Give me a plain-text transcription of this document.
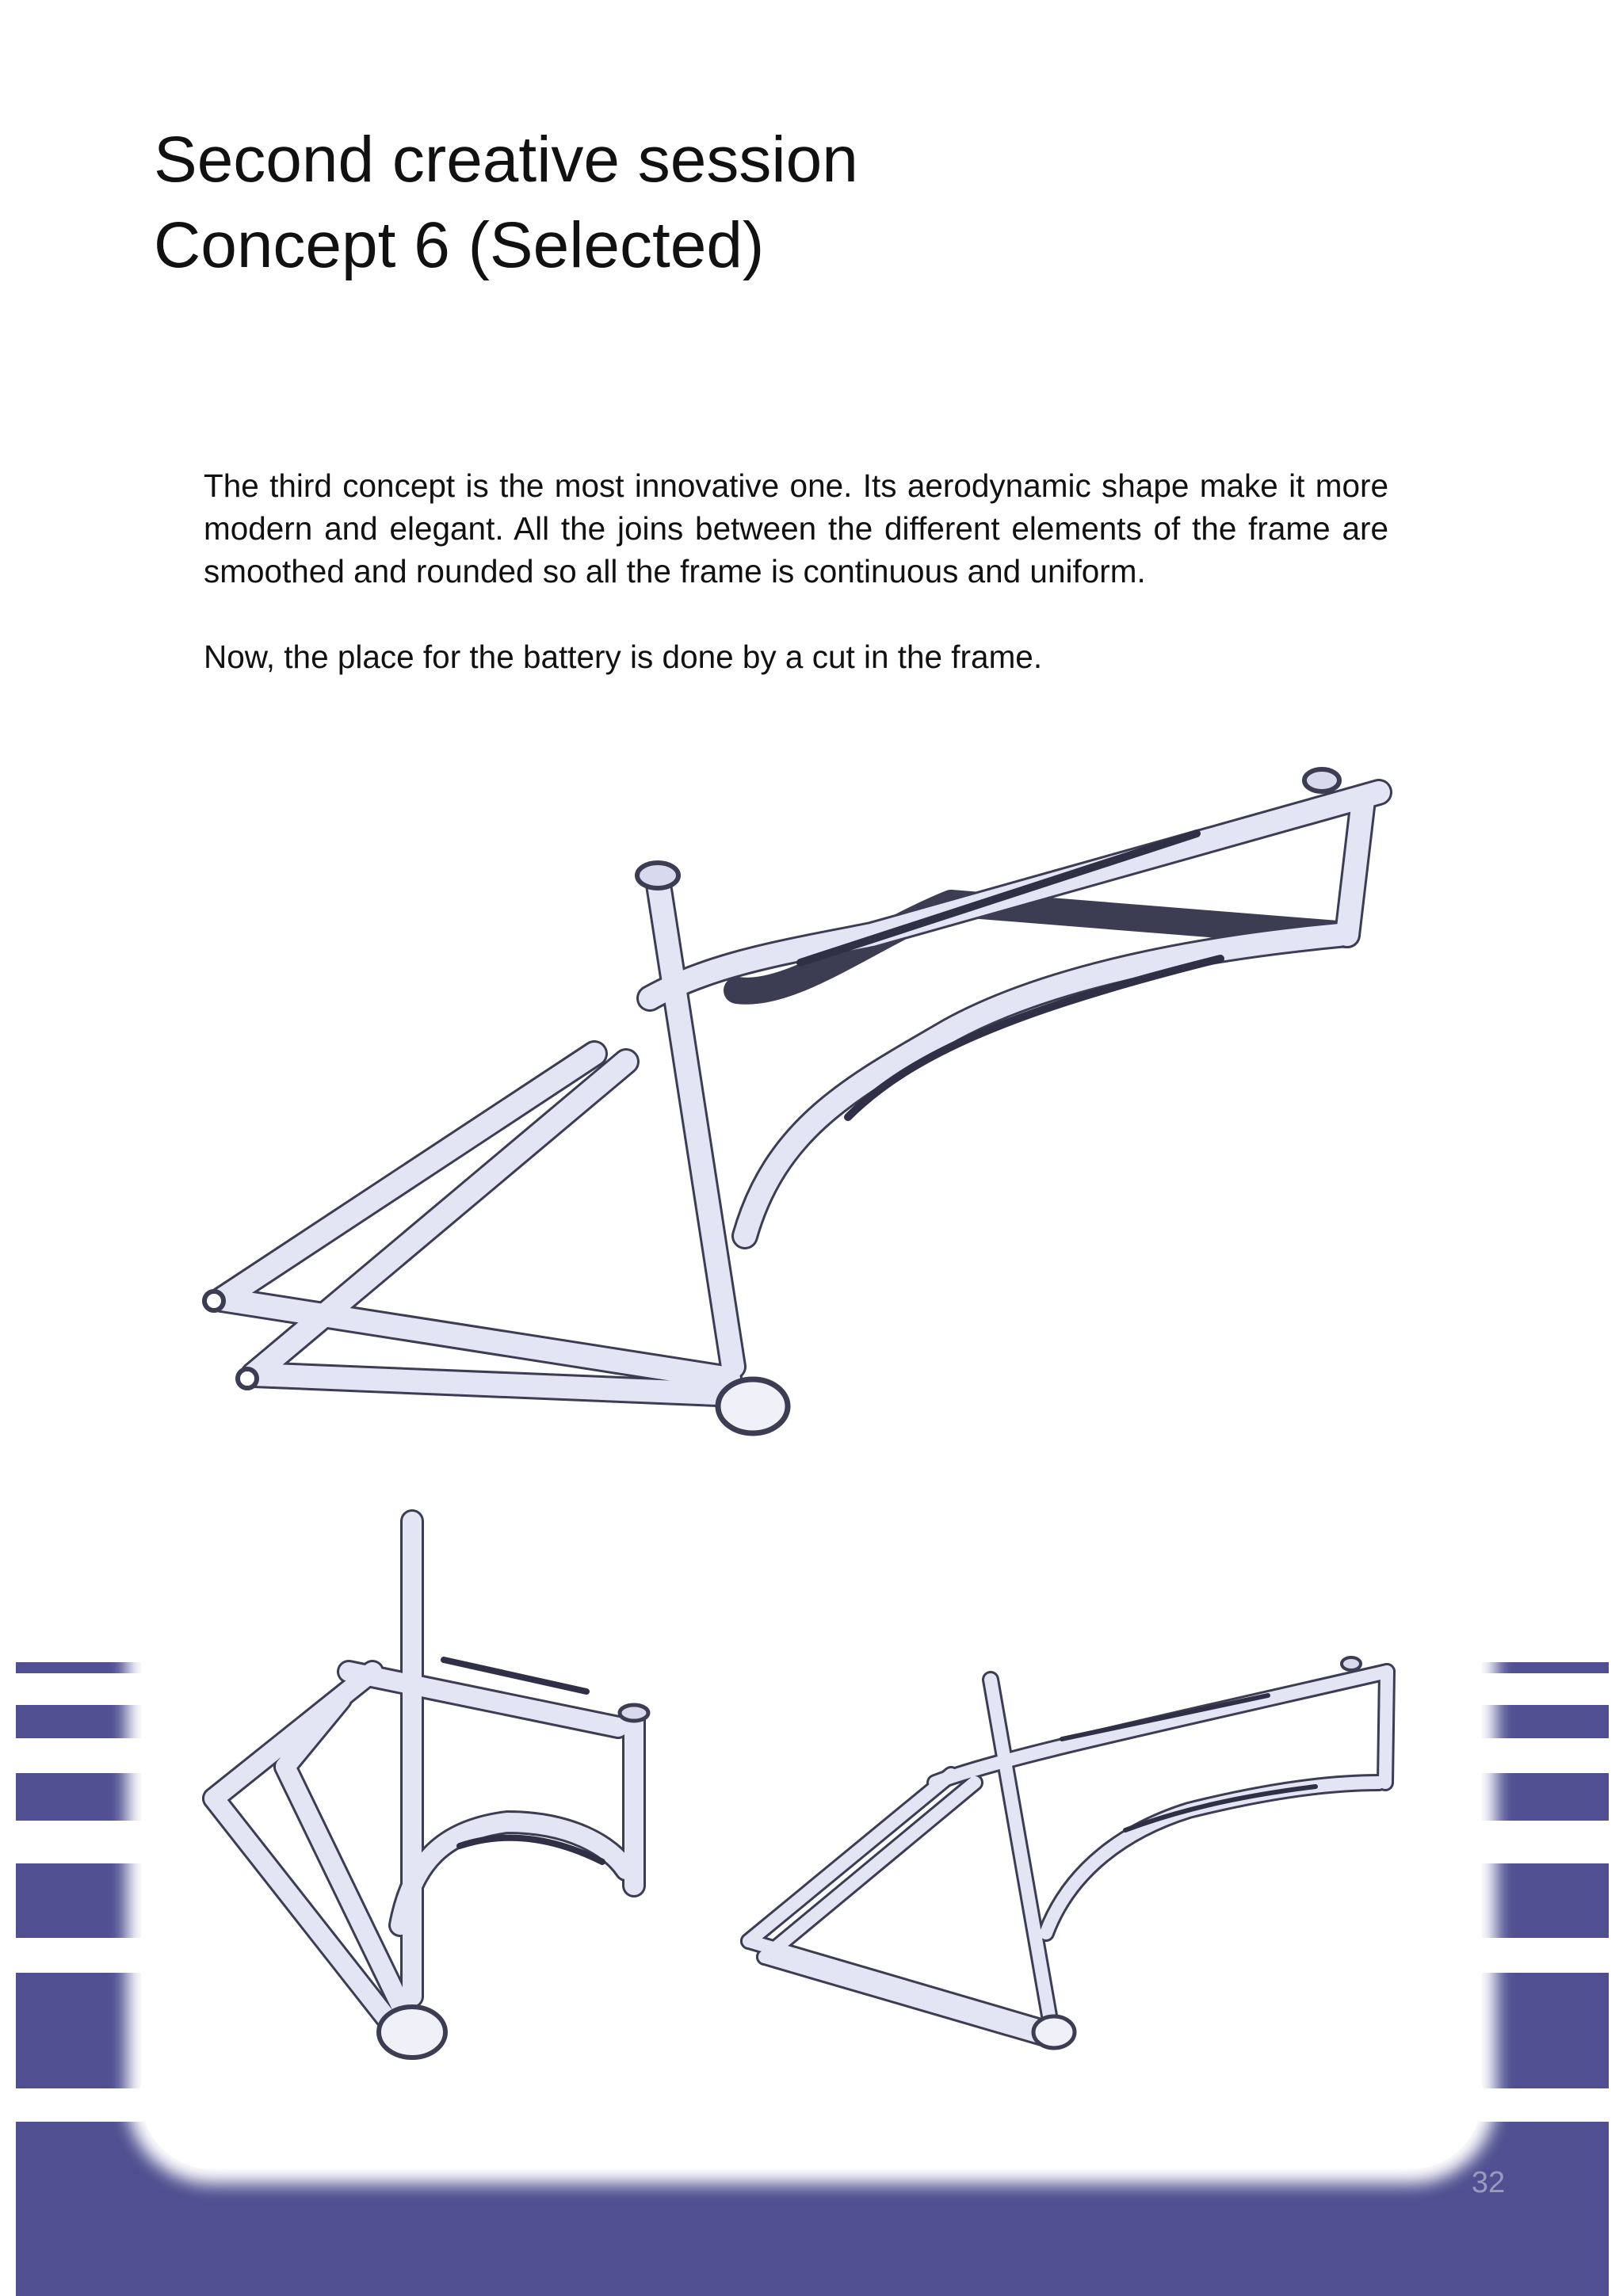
Second creative session
Concept 6 (Selected)

The third concept is the most innovative one. Its aerodynamic shape make it more modern and elegant. All the joins between the different elements of the frame are smoothed and rounded so all the frame is continuous and uniform.

Now, the place for the battery is done by a cut in the frame.

32
